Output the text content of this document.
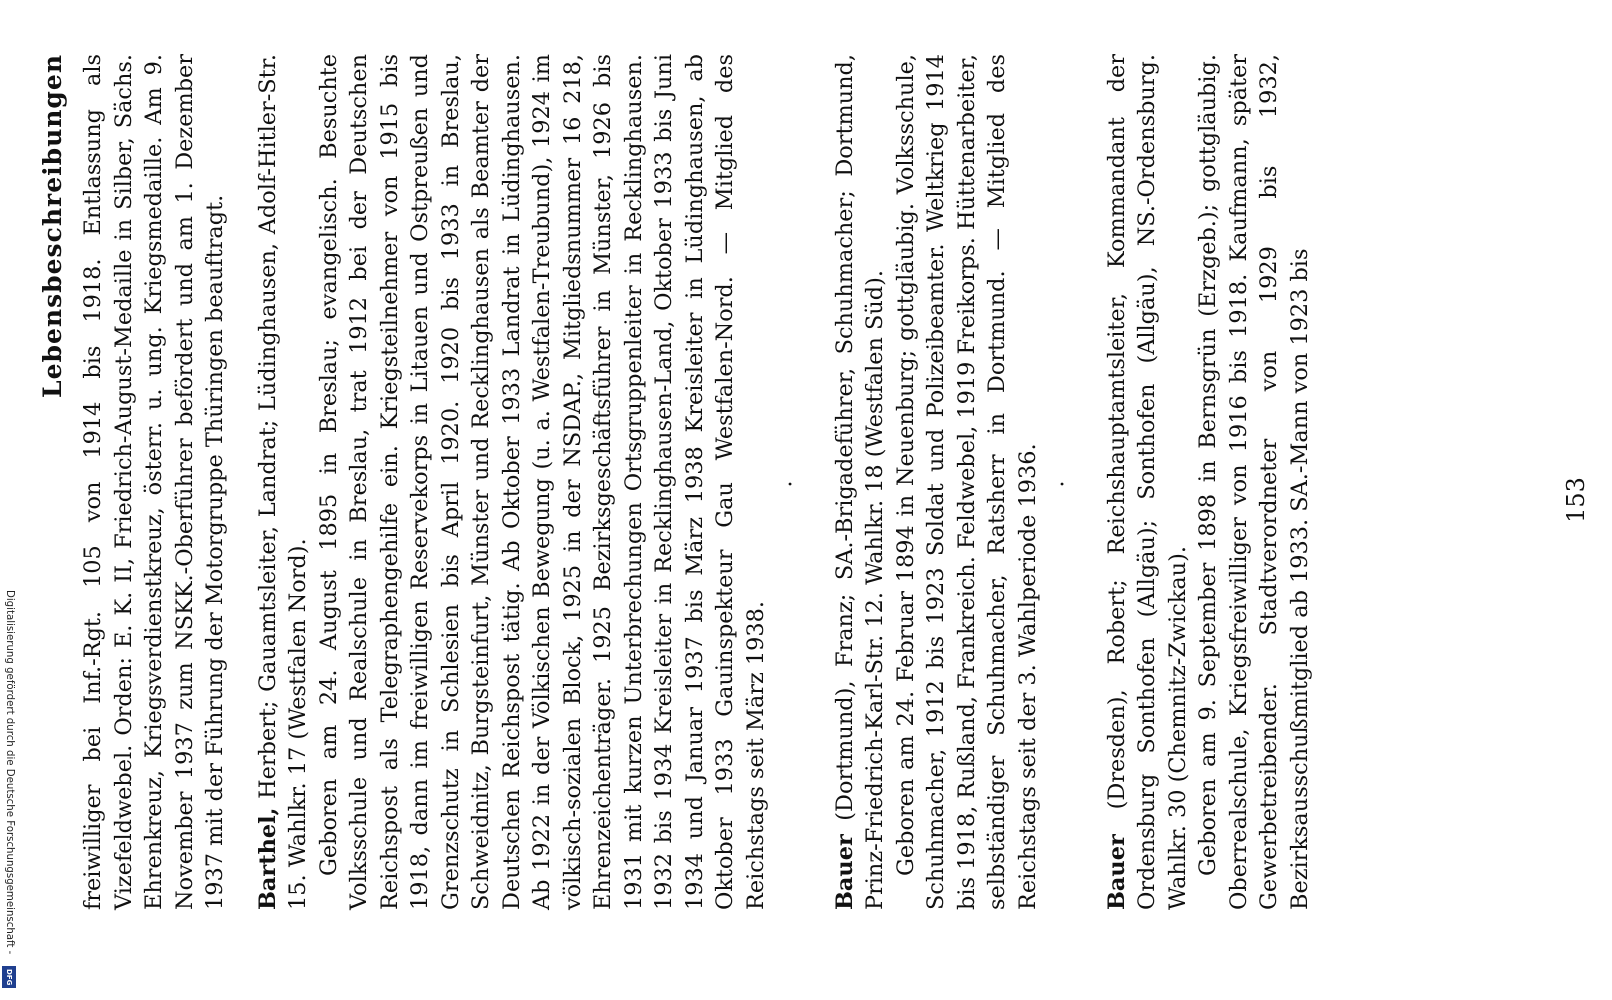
Lebensbeschreibungen freiwilliger bei Inf.-Rgt. 105 von 1914 bis 1918. Entlassung als Vizefeldwebel. Orden: E. K. II, Friedrich-August-Medaille in Silber, Sächs. Ehrenkreuz, Kriegsverdienstkreuz, österr. u. ung. Kriegsmedaille. Am 9. November 1937 zum NSKK.-Oberführer befördert und am 1. Dezember 1937 mit der Führung der Motorgruppe Thüringen beauftragt. Barthel, Herbert; Gauamtsleiter, Landrat; Lüdinghausen, Adolf-Hitler-Str. 15. Wahlkr. 17 (Westfalen Nord). Geboren am 24. August 1895 in Breslau; evangelisch. Besuchte Volksschule und Realschule in Breslau, trat 1912 bei der Deutschen Reichspost als Telegraphengehilfe ein. Kriegsteilnehmer von 1915 bis 1918, dann im freiwilligen Reservekorps in Litauen und Ostpreußen und Grenzschutz in Schlesien bis April 1920. 1920 bis 1933 in Breslau, Schweidnitz, Burgsteinfurt, Münster und Recklinghausen als Beamter der Deutschen Reichspost tätig. Ab Oktober 1933 Landrat in Lüdinghausen. Ab 1922 in der Völkischen Bewegung (u. a. Westfalen-Treubund), 1924 im völkisch-sozialen Block, 1925 in der NSDAP., Mitgliedsnummer 16 218, Ehrenzeichenträger. 1925 Bezirksgeschäftsführer in Münster, 1926 bis 1931 mit kurzen Unterbrechungen Ortsgruppenleiter in Recklinghausen. 1932 bis 1934 Kreisleiter in Recklinghausen-Land, Oktober 1933 bis Juni 1934 und Januar 1937 bis März 1938 Kreisleiter in Lüdinghausen, ab Oktober 1933 Gauinspekteur Gau Westfalen-Nord. — Mitglied des Reichstags seit März 1938.

·

Bauer (Dortmund), Franz; SA.-Brigadeführer, Schuhmacher; Dortmund, Prinz-Friedrich-Karl-Str. 12. Wahlkr. 18 (Westfalen Süd). Geboren am 24. Februar 1894 in Neuenburg; gottgläubig. Volksschule, Schuhmacher, 1912 bis 1923 Soldat und Polizeibeamter. Weltkrieg 1914 bis 1918, Rußland, Frankreich. Feldwebel, 1919 Freikorps. Hüttenarbeiter, selbständiger Schuhmacher, Ratsherr in Dortmund. — Mitglied des Reichstags seit der 3. Wahlperiode 1936. ·

Bauer (Dresden), Robert; Reichshauptamtsleiter, Kommandant der Ordensburg Sonthofen (Allgäu); Sonthofen (Allgäu), NS.-Ordensburg. Wahlkr. 30 (Chemnitz-Zwickau). Geboren am 9. September 1898 in Bernsgrün (Erzgeb.); gottgläubig. Oberrealschule, Kriegsfreiwilliger von 1916 bis 1918. Kaufmann, später Gewerbetreibender. Stadtverordneter von 1929 bis 1932, Bezirksausschußmitglied ab 1933. SA.-Mann von 1923 bis	153
Digitalisierung gefördert durch die Deutsche Forschungsgemeinschaft -
DFG
